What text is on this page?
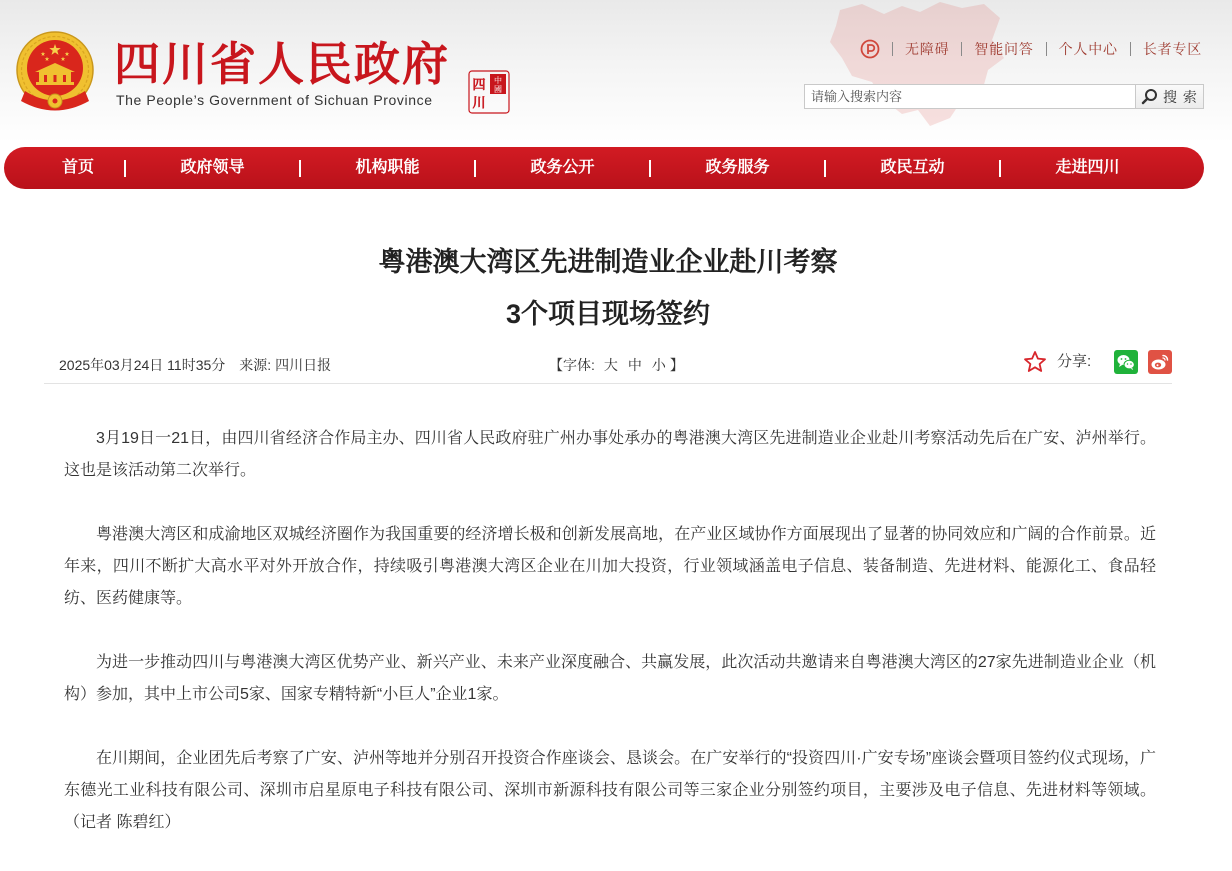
四川省人民政府
The People’s Government of Sichuan Province
中
國
四
川
无障碍 智能问答 个人中心 长者专区
请输入搜索内容
搜 索
首页	政府领导	机构职能	政务公开	政务服务	政民互动	走进四川
粤港澳大湾区先进制造业企业赴川考察
3个项目现场签约
2025年03月24日 11时35分 来源: 四川日报	【字体: 大 中 小 】	分享:

3月19日一21日，由四川省经济合作局主办、四川省人民政府驻广州办事处承办的粤港澳大湾区先进制造业企业赴川考察活动先后在广安、泸州举行。这也是该活动第二次举行。

粤港澳大湾区和成渝地区双城经济圈作为我国重要的经济增长极和创新发展高地，在产业区域协作方面展现出了显著的协同效应和广阔的合作前景。近年来，四川不断扩大高水平对外开放合作，持续吸引粤港澳大湾区企业在川加大投资，行业领域涵盖电子信息、装备制造、先进材料、能源化工、食品轻纺、医药健康等。

为进一步推动四川与粤港澳大湾区优势产业、新兴产业、未来产业深度融合、共赢发展，此次活动共邀请来自粤港澳大湾区的27家先进制造业企业（机构）参加，其中上市公司5家、国家专精特新“小巨人”企业1家。

在川期间，企业团先后考察了广安、泸州等地并分别召开投资合作座谈会、恳谈会。在广安举行的“投资四川·广安专场”座谈会暨项目签约仪式现场，广东德光工业科技有限公司、深圳市启星原电子科技有限公司、深圳市新源科技有限公司等三家企业分别签约项目，主要涉及电子信息、先进材料等领域。（记者 陈碧红）
